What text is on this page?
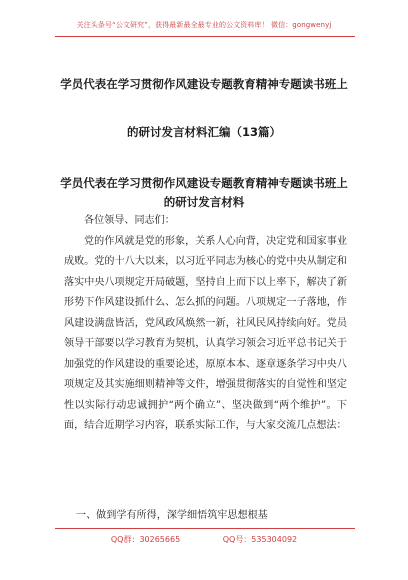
关注头条号“公文研究”，获得最新最全最专业的公文资料库！ 微信：gongwenyj
学员代表在学习贯彻作风建设专题教育精神专题读书班上
的研讨发言材料汇编（13篇）
学员代表在学习贯彻作风建设专题教育精神专题读书班上
的研讨发言材料

各位领导、同志们：

党的作风就是党的形象，关系人心向背，决定党和国家事业成败。党的十八大以来，以习近平同志为核心的党中央从制定和落实中央八项规定开局破题，坚持自上而下以上率下，解决了新形势下作风建设抓什么、怎么抓的问题。八项规定一子落地，作风建设满盘皆活，党风政风焕然一新，社风民风持续向好。党员领导干部要以学习教育为契机，认真学习领会习近平总书记关于加强党的作风建设的重要论述，原原本本、逐章逐条学习中央八项规定及其实施细则精神等文件，增强贯彻落实的自觉性和坚定性以实际行动忠诚拥护“两个确立”、坚决做到“两个维护”。下面，结合近期学习内容，联系实际工作，与大家交流几点想法：

一、做到学有所得，深学细悟筑牢思想根基
QQ群：30265665	QQ号：535304092
